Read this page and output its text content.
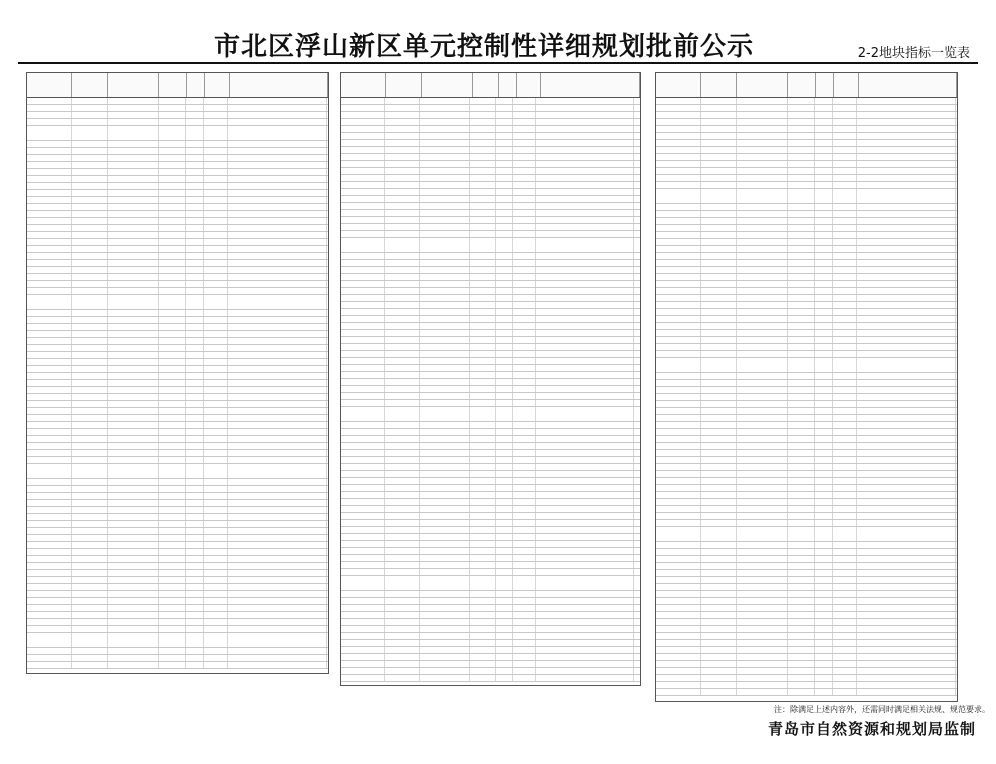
市北区浮山新区单元控制性详细规划批前公示	2-2地块指标一览表
注：除满足上述内容外，还需同时满足相关法规、规范要求。
青岛市自然资源和规划局监制
